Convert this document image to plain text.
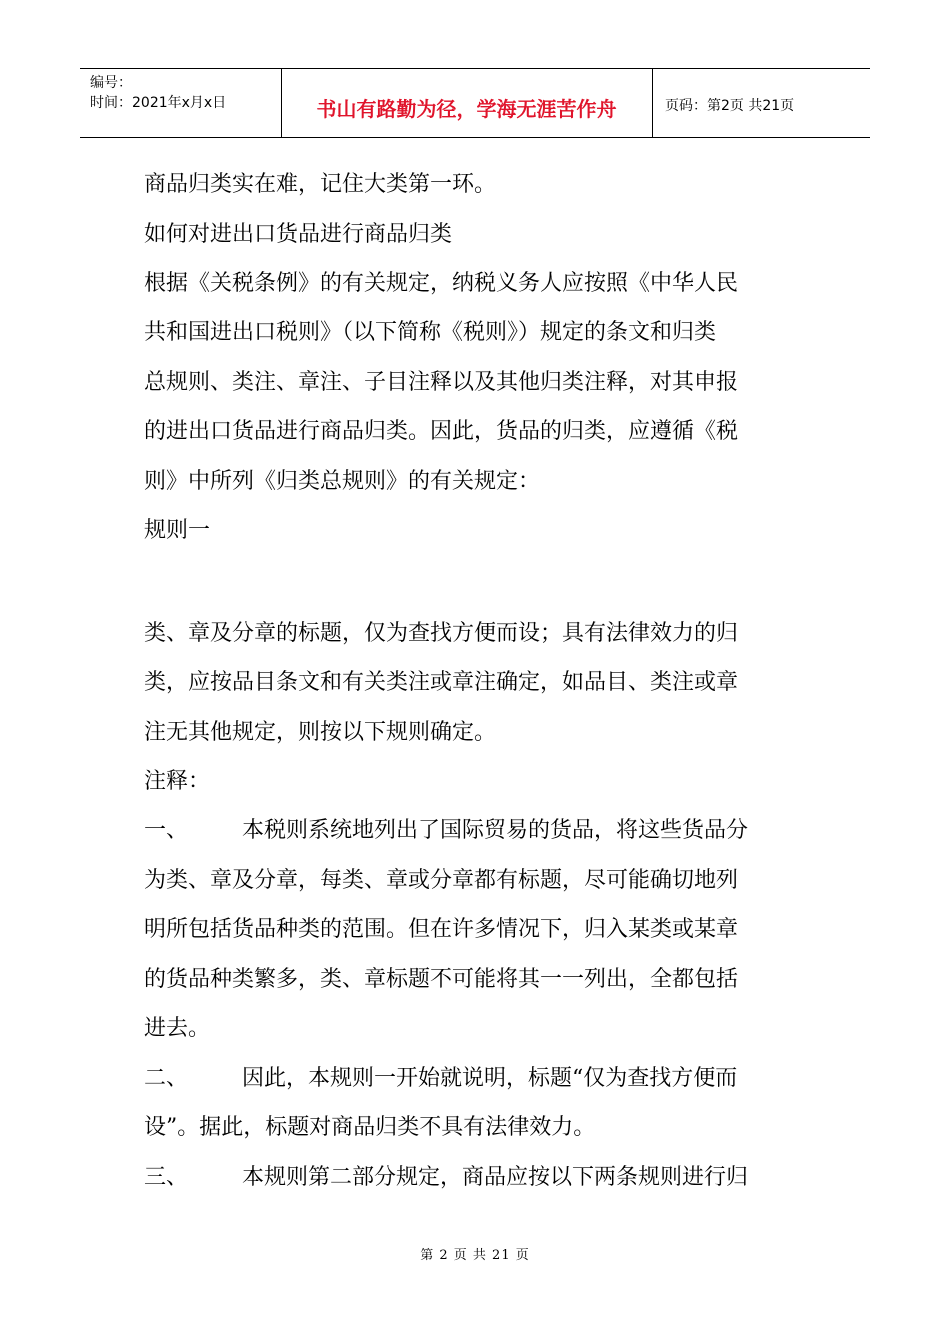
编号：
时间：2021年x月x日	书山有路勤为径，学海无涯苦作舟	页码：第2页 共21页
商品归类实在难，记住大类第一环。
如何对进出口货品进行商品归类
根据《关税条例》的有关规定，纳税义务人应按照《中华人民
共和国进出口税则》（以下简称《税则》）规定的条文和归类
总规则、类注、章注、子目注释以及其他归类注释，对其申报
的进出口货品进行商品归类。因此，货品的归类，应遵循《税
则》中所列《归类总规则》的有关规定：
规则一
类、章及分章的标题，仅为查找方便而设；具有法律效力的归
类，应按品目条文和有关类注或章注确定，如品目、类注或章
注无其他规定，则按以下规则确定。
注释：
一、 本税则系统地列出了国际贸易的货品，将这些货品分
为类、章及分章，每类、章或分章都有标题，尽可能确切地列
明所包括货品种类的范围。但在许多情况下，归入某类或某章
的货品种类繁多，类、章标题不可能将其一一列出，全都包括
进去。
二、 因此，本规则一开始就说明，标题“仅为查找方便而
设”。据此，标题对商品归类不具有法律效力。
三、 本规则第二部分规定，商品应按以下两条规则进行归
第 2 页 共 21 页
